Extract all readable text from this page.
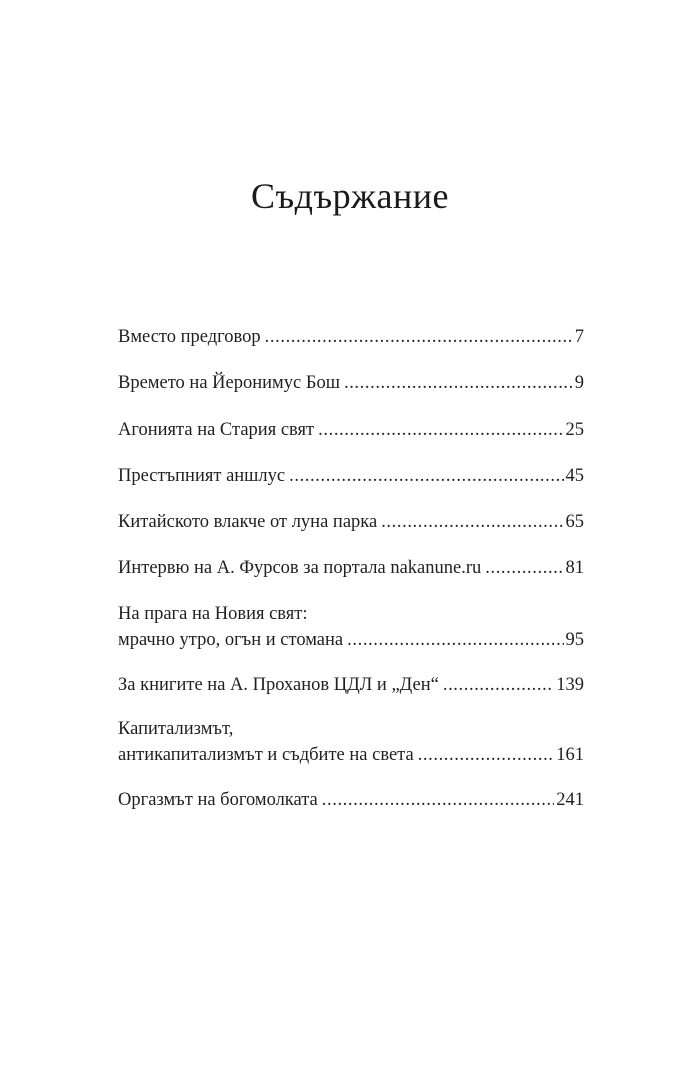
Съдържание
Вместо предговор .....	7
Времето на Йеронимус Бош .....	9
Агонията на Стария свят .....	25
Престъпният аншлус .....	45
Китайското влакче от луна парка .....	65
Интервю на А. Фурсов за портала nakanune.ru .....	81
На прага на Новия свят:
мрачно утро, огън и стомана .....	95
За книгите на А. Проханов ЦДЛ и „Ден“ .....	139
Капитализмът,
антикапитализмът и съдбите на света .....	161
Оргазмът на богомолката .....	241
